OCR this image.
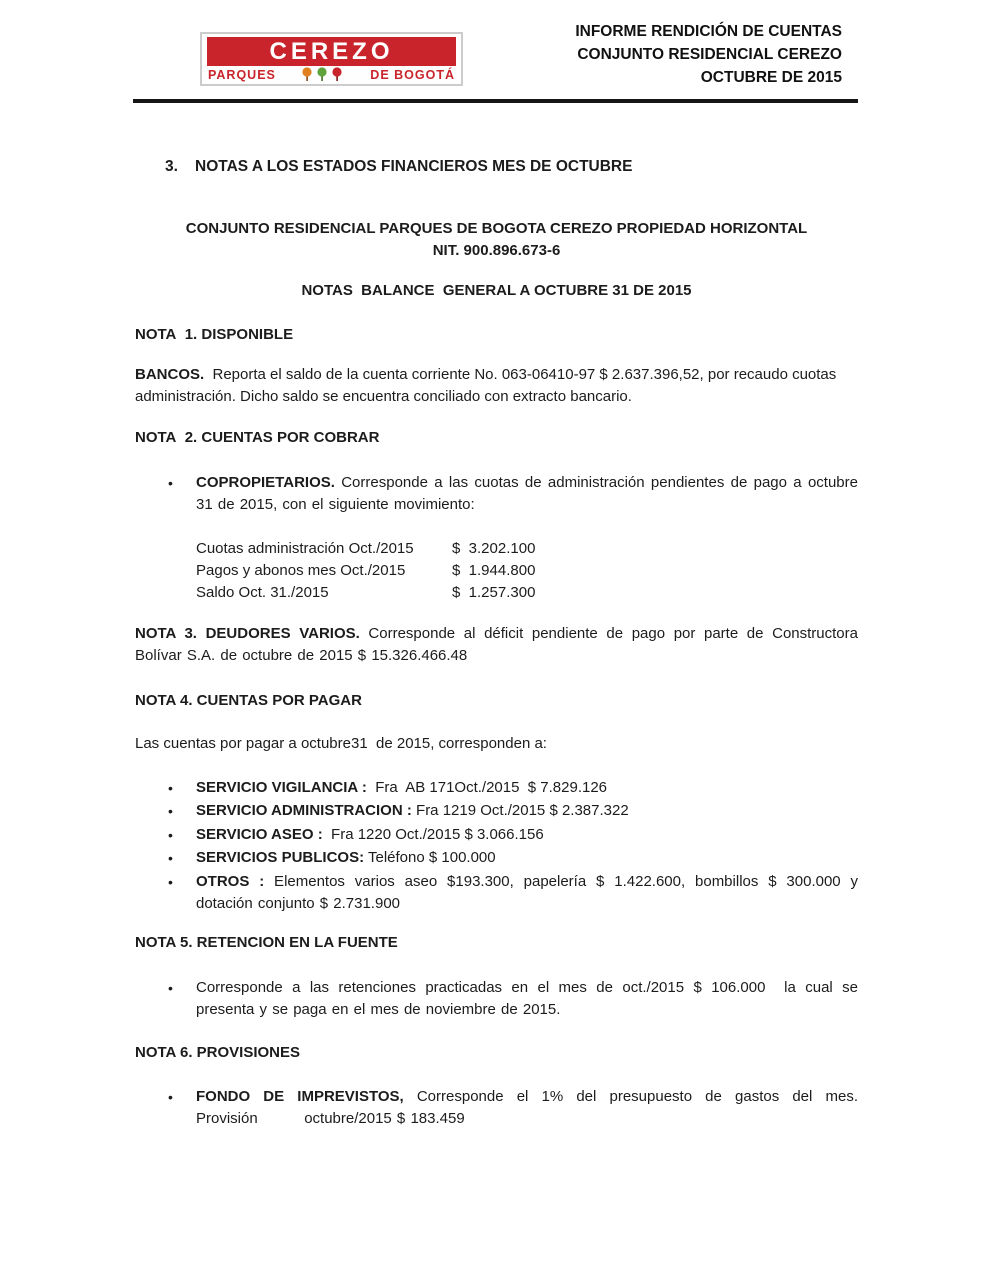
CEREZO
PARQUES	DE BOGOTÁ
INFORME RENDICIÓN DE CUENTAS
CONJUNTO RESIDENCIAL CEREZO
OCTUBRE DE 2015
3.	NOTAS A LOS ESTADOS FINANCIEROS MES DE OCTUBRE
CONJUNTO RESIDENCIAL PARQUES DE BOGOTA CEREZO PROPIEDAD HORIZONTAL
NIT. 900.896.673-6
NOTAS  BALANCE  GENERAL A OCTUBRE 31 DE 2015
NOTA  1. DISPONIBLE
BANCOS.  Reporta el saldo de la cuenta corriente No. 063-06410-97 $ 2.637.396,52, por recaudo cuotas administración. Dicho saldo se encuentra conciliado con extracto bancario.
NOTA  2. CUENTAS POR COBRAR
•	COPROPIETARIOS. Corresponde a las cuotas de administración pendientes de pago a octubre 31 de 2015, con el siguiente movimiento:
Cuotas administración Oct./2015	$  3.202.100
Pagos y abonos mes Oct./2015	$  1.944.800
Saldo Oct. 31./2015	$  1.257.300
NOTA 3. DEUDORES VARIOS. Corresponde al déficit pendiente de pago por parte de Constructora Bolívar S.A. de octubre de 2015 $ 15.326.466.48
NOTA 4. CUENTAS POR PAGAR
Las cuentas por pagar a octubre31  de 2015, corresponden a:
•	SERVICIO VIGILANCIA :  Fra  AB 171Oct./2015  $ 7.829.126
•	SERVICIO ADMINISTRACION : Fra 1219 Oct./2015 $ 2.387.322
•	SERVICIO ASEO :  Fra 1220 Oct./2015 $ 3.066.156
•	SERVICIOS PUBLICOS: Teléfono $ 100.000
•	OTROS : Elementos varios aseo $193.300, papelería $ 1.422.600, bombillos $ 300.000 y dotación conjunto $ 2.731.900
NOTA 5. RETENCION EN LA FUENTE
•	Corresponde a las retenciones practicadas en el mes de oct./2015 $ 106.000  la cual se presenta y se paga en el mes de noviembre de 2015.
NOTA 6. PROVISIONES
•	FONDO DE IMPREVISTOS, Corresponde el 1% del presupuesto de gastos del mes. Provisión         octubre/2015 $ 183.459
